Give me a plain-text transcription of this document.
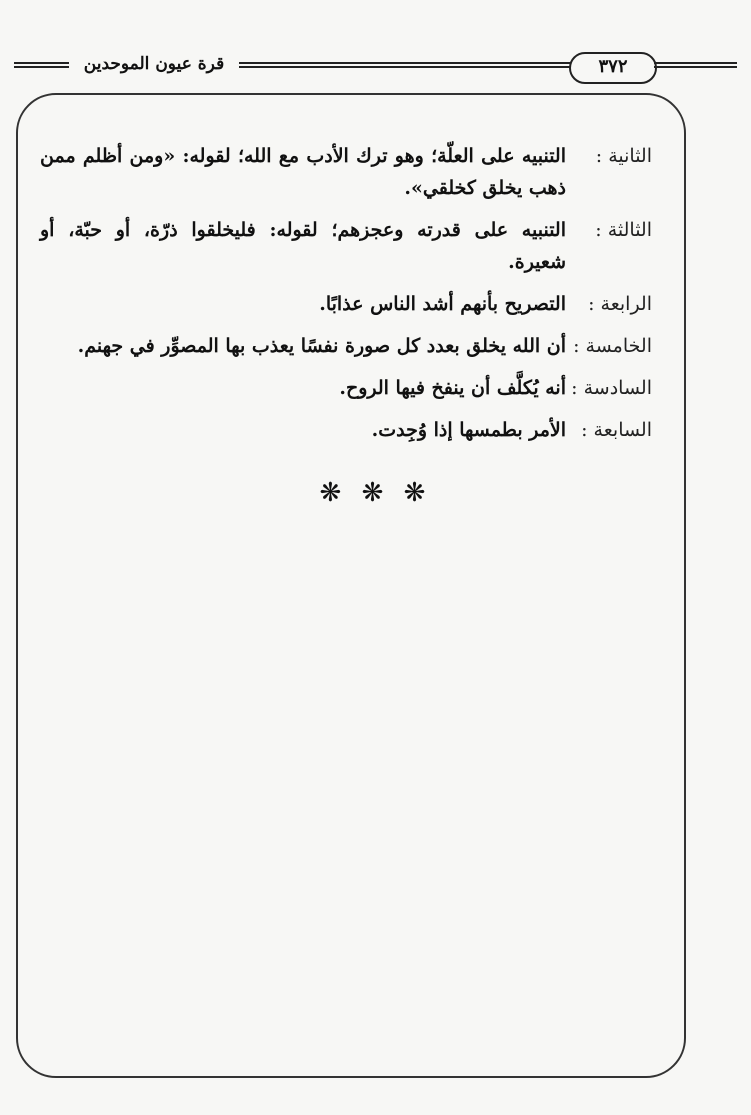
قرة عيون الموحدين	٣٧٢
الثانية :
التنبيه على العلّة؛ وهو ترك الأدب مع الله؛ لقوله: «ومن أظلم ممن ذهب يخلق كخلقي».
الثالثة :
التنبيه على قدرته وعجزهم؛ لقوله: فليخلقوا ذرّة، أو حبّة، أو شعيرة.
الرابعة :
التصريح بأنهم أشد الناس عذابًا.
الخامسة :
أن الله يخلق بعدد كل صورة نفسًا يعذب بها المصوِّر في جهنم.
السادسة :
أنه يُكلَّف أن ينفخ فيها الروح.
السابعة :
الأمر بطمسها إذا وُجِدت.
❋ ❋ ❋
